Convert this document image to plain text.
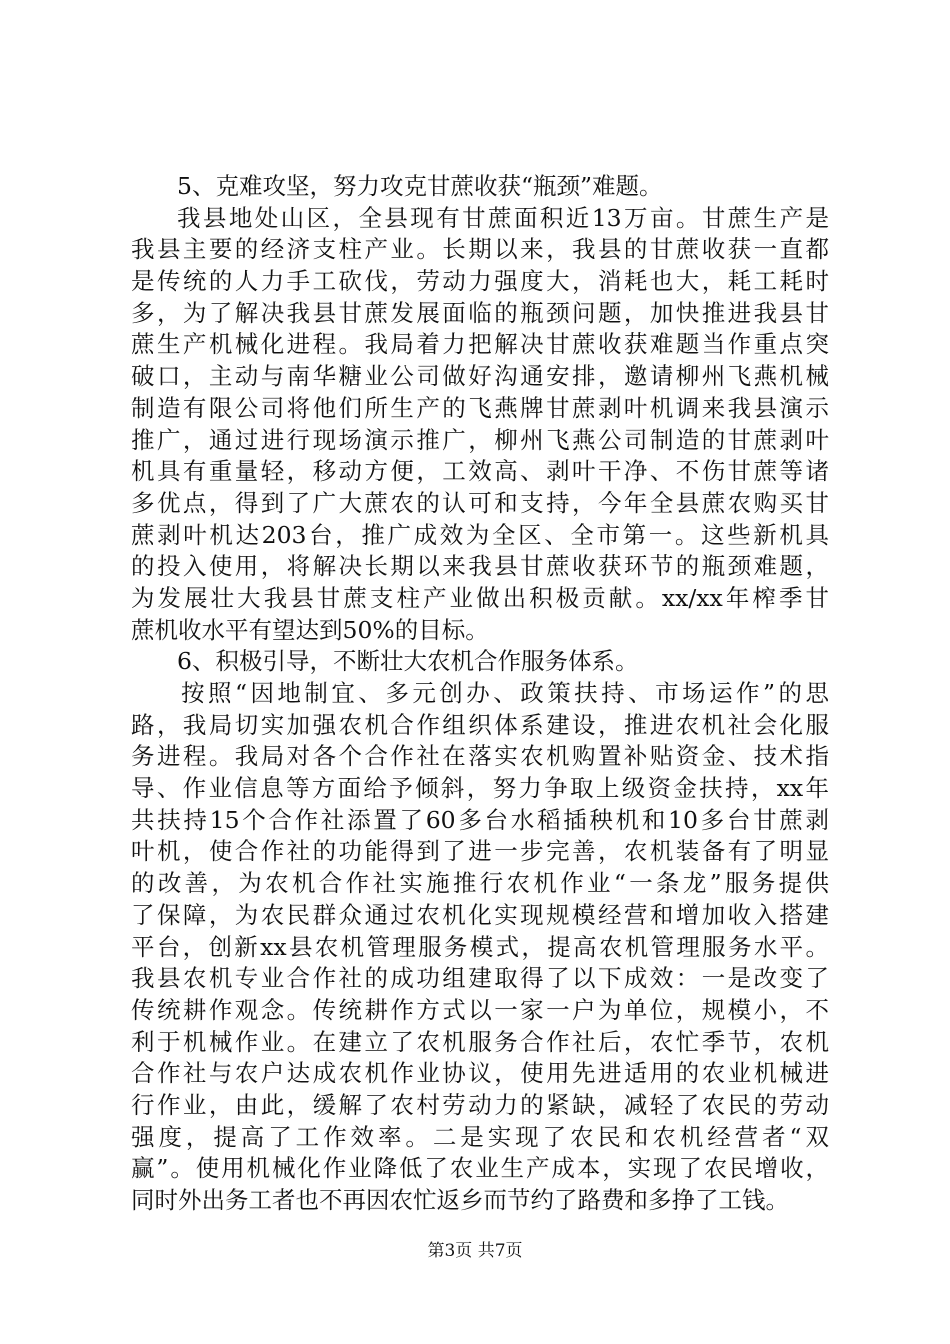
5、克难攻坚，努力攻克甘蔗收获“瓶颈”难题。
我县地处山区，全县现有甘蔗面积近13万亩。甘蔗生产是
我县主要的经济支柱产业。长期以来，我县的甘蔗收获一直都
是传统的人力手工砍伐，劳动力强度大，消耗也大，耗工耗时
多，为了解决我县甘蔗发展面临的瓶颈问题，加快推进我县甘
蔗生产机械化进程。我局着力把解决甘蔗收获难题当作重点突
破口，主动与南华糖业公司做好沟通安排，邀请柳州飞燕机械
制造有限公司将他们所生产的飞燕牌甘蔗剥叶机调来我县演示
推广，通过进行现场演示推广，柳州飞燕公司制造的甘蔗剥叶
机具有重量轻，移动方便，工效高、剥叶干净、不伤甘蔗等诸
多优点，得到了广大蔗农的认可和支持，今年全县蔗农购买甘
蔗剥叶机达203台，推广成效为全区、全市第一。这些新机具
的投入使用，将解决长期以来我县甘蔗收获环节的瓶颈难题，
为发展壮大我县甘蔗支柱产业做出积极贡献。xx/xx年榨季甘
蔗机收水平有望达到50%的目标。
6、积极引导，不断壮大农机合作服务体系。
按照“因地制宜、多元创办、政策扶持、市场运作”的思
路，我局切实加强农机合作组织体系建设，推进农机社会化服
务进程。我局对各个合作社在落实农机购置补贴资金、技术指
导、作业信息等方面给予倾斜，努力争取上级资金扶持，xx年
共扶持15个合作社添置了60多台水稻插秧机和10多台甘蔗剥
叶机，使合作社的功能得到了进一步完善，农机装备有了明显
的改善，为农机合作社实施推行农机作业“一条龙”服务提供
了保障，为农民群众通过农机化实现规模经营和增加收入搭建
平台，创新xx县农机管理服务模式，提高农机管理服务水平。
我县农机专业合作社的成功组建取得了以下成效：一是改变了
传统耕作观念。传统耕作方式以一家一户为单位，规模小，不
利于机械作业。在建立了农机服务合作社后，农忙季节，农机
合作社与农户达成农机作业协议，使用先进适用的农业机械进
行作业，由此，缓解了农村劳动力的紧缺，减轻了农民的劳动
强度，提高了工作效率。二是实现了农民和农机经营者“双
赢”。使用机械化作业降低了农业生产成本，实现了农民增收，
同时外出务工者也不再因农忙返乡而节约了路费和多挣了工钱。
第3页 共7页
